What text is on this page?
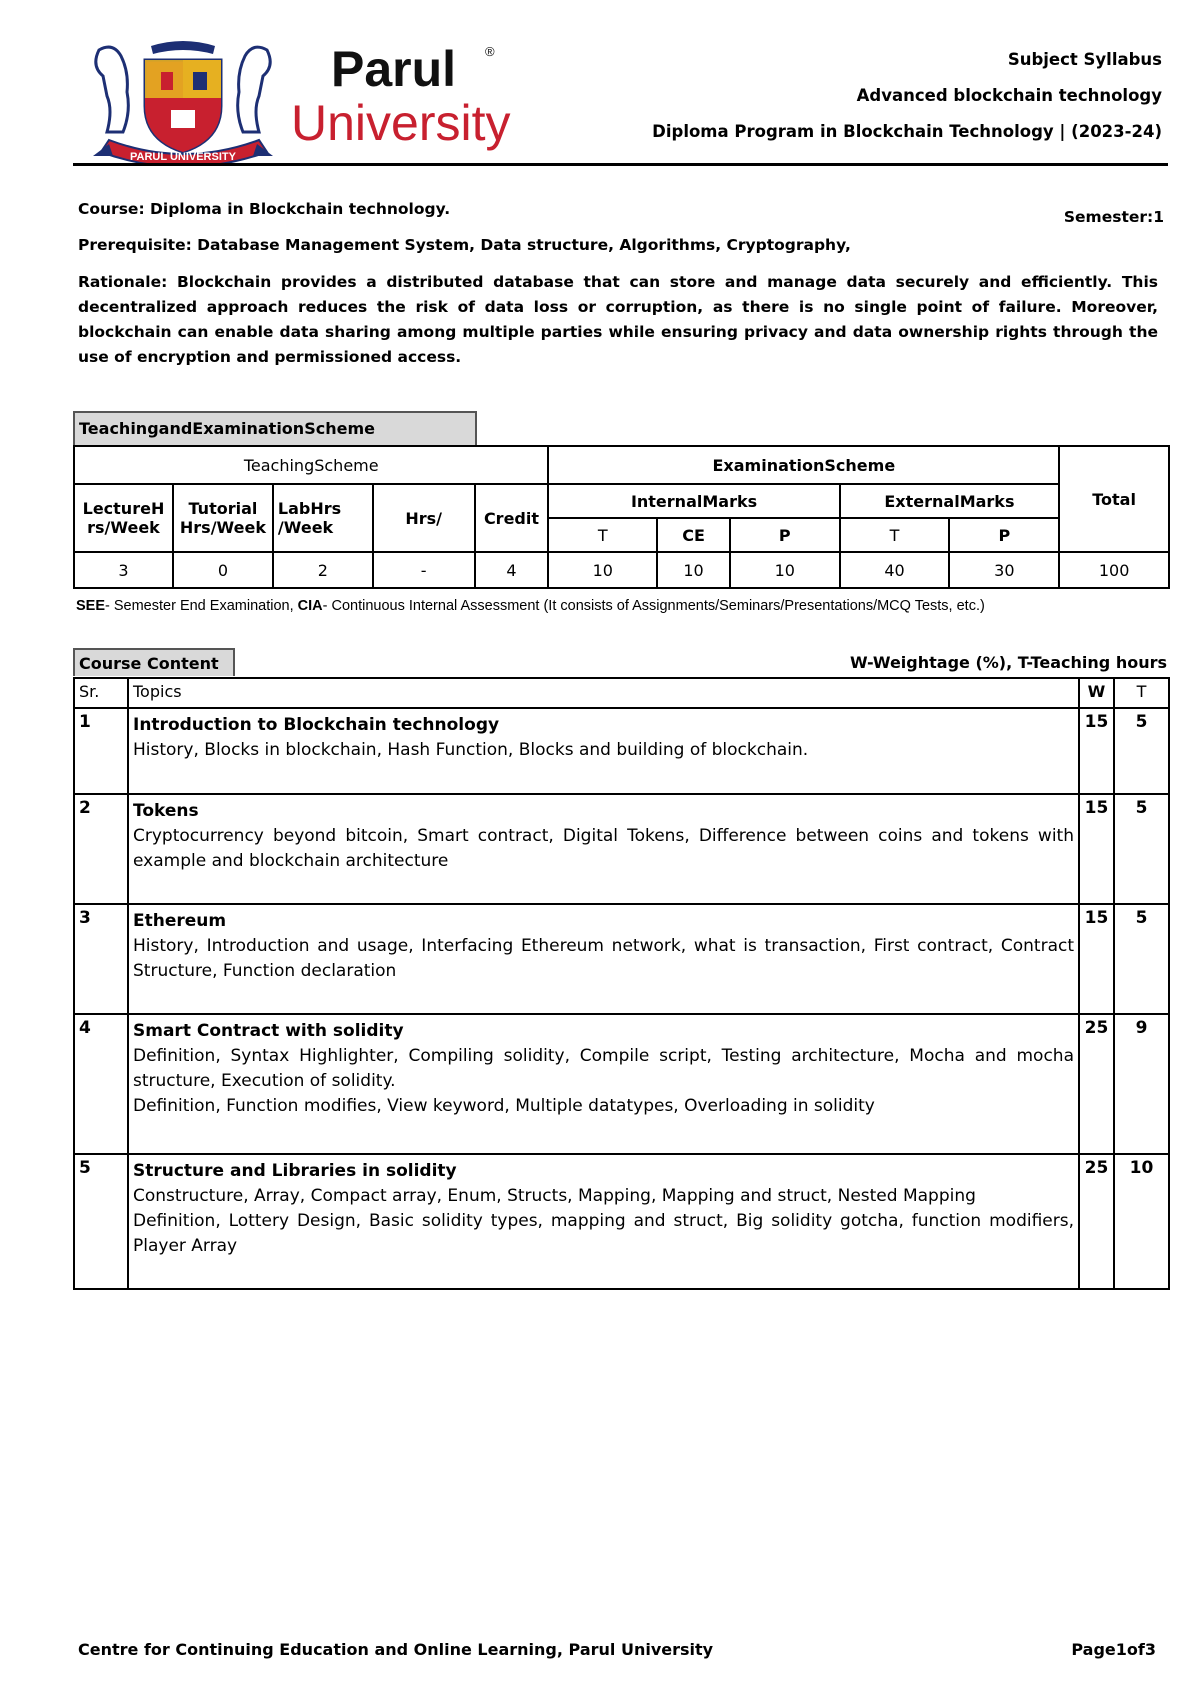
PARUL UNIVERSITY
Parul ®
University
Subject Syllabus
Advanced blockchain technology
Diploma Program in Blockchain Technology | (2023-24)
Course: Diploma in Blockchain technology.	Semester:1
Prerequisite: Database Management System, Data structure, Algorithms, Cryptography,
Rationale: Blockchain provides a distributed database that can store and manage data securely and efficiently. This decentralized approach reduces the risk of data loss or corruption, as there is no single point of failure. Moreover, blockchain can enable data sharing among multiple parties while ensuring privacy and data ownership rights through the use of encryption and permissioned access.
TeachingandExaminationScheme
TeachingScheme					ExaminationScheme					Total
LectureH rs/Week	Tutorial Hrs/Week	LabHrs /Week	Hrs/	Credit	InternalMarks			ExternalMarks		
					T	CE	P	T	P	
3	0	2	-	4	10	10	10	40	30	100
SEE- Semester End Examination, CIA- Continuous Internal Assessment (It consists of Assignments/Seminars/Presentations/MCQ Tests, etc.)
Course Content	W-Weightage (%), T-Teaching hours
Sr.	Topics	W	T
1	Introduction to Blockchain technology
History, Blocks in blockchain, Hash Function, Blocks and building of blockchain.	15	5
2	Tokens
Cryptocurrency beyond bitcoin, Smart contract, Digital Tokens, Difference between coins and tokens with example and blockchain architecture	15	5
3	Ethereum
History, Introduction and usage, Interfacing Ethereum network, what is transaction, First contract, Contract Structure, Function declaration	15	5
4	Smart Contract with solidity
Definition, Syntax Highlighter, Compiling solidity, Compile script, Testing architecture, Mocha and mocha structure, Execution of solidity.
Definition, Function modifies, View keyword, Multiple datatypes, Overloading in solidity	25	9
5	Structure and Libraries in solidity
Constructure, Array, Compact array, Enum, Structs, Mapping, Mapping and struct, Nested Mapping
Definition, Lottery Design, Basic solidity types, mapping and struct, Big solidity gotcha, function modifiers, Player Array	25	10
Centre for Continuing Education and Online Learning, Parul University	Page1of3
